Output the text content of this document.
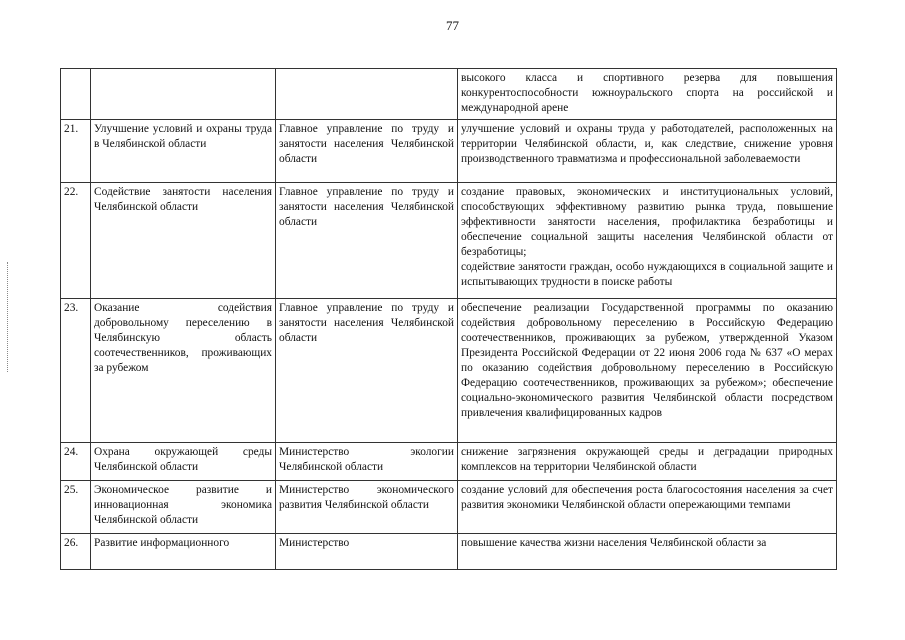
77
			высокого класса и спортивного резерва для повышения конкурентоспособности южноуральского спорта на российской и международной арене
21.	Улучшение условий и охраны труда в Челябинской области	Главное управление по труду и занятости населения Челябинской области	улучшение условий и охраны труда у работодателей, расположенных на территории Челябинской области, и, как следствие, снижение уровня производственного травматизма и профессиональной заболеваемости

22.	Содействие занятости населения Челябинской области	Главное управление по труду и занятости населения Челябинской области	создание правовых, экономических и институциональных условий, способствующих эффективному развитию рынка труда, повышение эффективности занятости населения, профилактика безработицы и обеспечение социальной защиты населения Челябинской области от безработицы;
содействие занятости граждан, особо нуждающихся в социальной защите и испытывающих трудности в поиске работы

23.	Оказание содействия добровольному переселению в Челябинскую область соотечественников, проживающих за рубежом	Главное управление по труду и занятости населения Челябинской области	обеспечение реализации Государственной программы по оказанию содействия добровольному переселению в Российскую Федерацию соотечественников, проживающих за рубежом, утвержденной Указом Президента Российской Федерации от 22 июня 2006 года № 637 «О мерах по оказанию содействия добровольному переселению в Российскую Федерацию соотечественников, проживающих за рубежом»; обеспечение социально-экономического развития Челябинской области посредством привлечения квалифицированных кадров

24.	Охрана окружающей среды Челябинской области	Министерство экологии Челябинской области	снижение загрязнения окружающей среды и деградации природных комплексов на территории Челябинской области

25.	Экономическое развитие и инновационная экономика Челябинской области	Министерство экономического развития Челябинской области	создание условий для обеспечения роста благосостояния населения за счет развития экономики Челябинской области опережающими темпами

26.	Развитие информационного	Министерство	повышение качества жизни населения Челябинской области за
